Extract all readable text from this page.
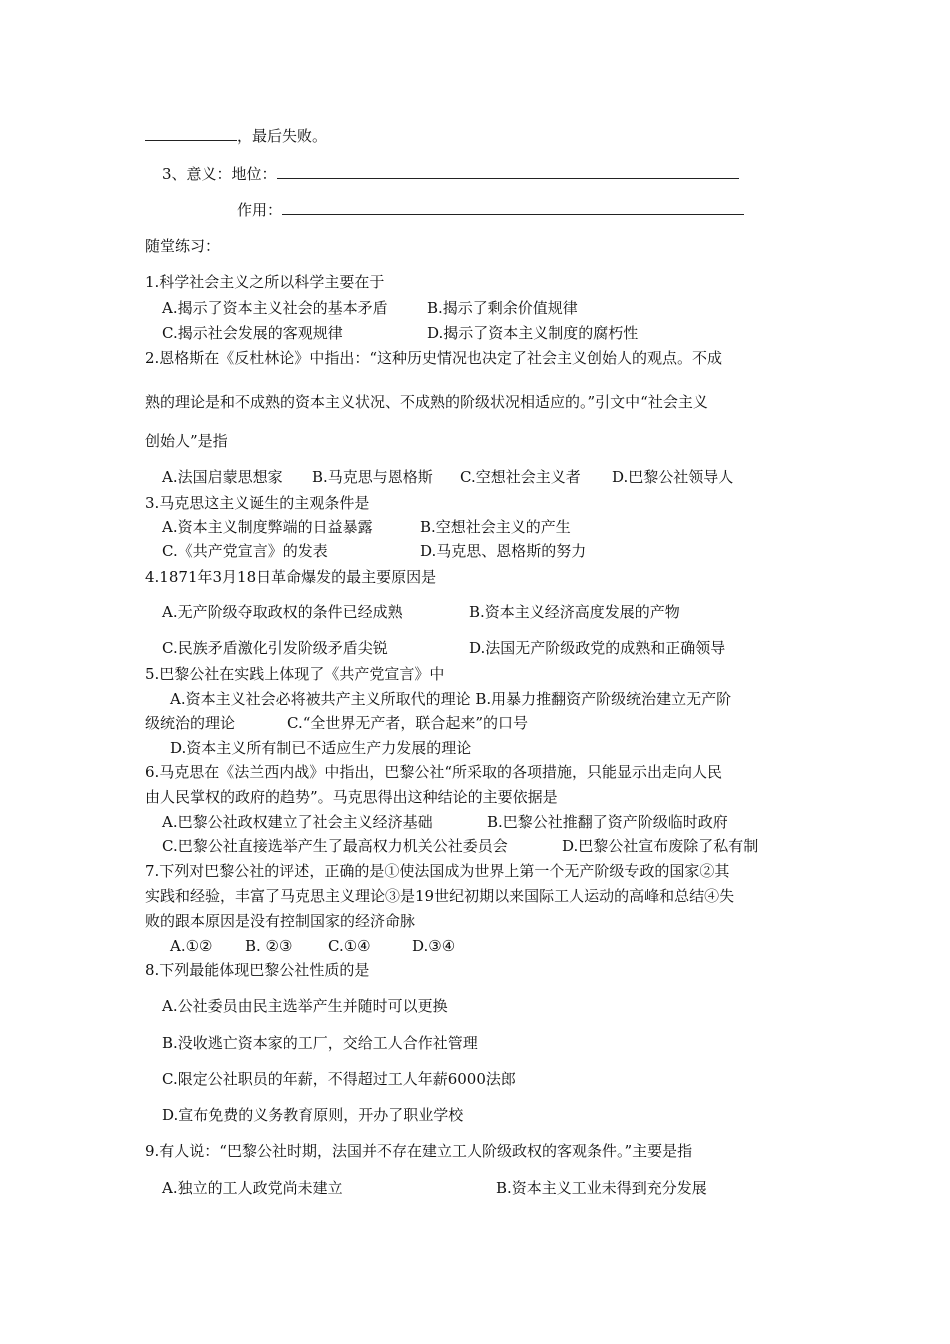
，最后失败。
3、意义：地位：
作用：
随堂练习：
1.科学社会主义之所以科学主要在于
A.揭示了资本主义社会的基本矛盾	B.揭示了剩余价值规律
C.揭示社会发展的客观规律	D.揭示了资本主义制度的腐朽性
2.恩格斯在《反杜林论》中指出：“这种历史情况也决定了社会主义创始人的观点。不成
熟的理论是和不成熟的资本主义状况、不成熟的阶级状况相适应的。”引文中“社会主义
创始人”是指
A.法国启蒙思想家 B.马克思与恩格斯 C.空想社会主义者 D.巴黎公社领导人
3.马克思这主义诞生的主观条件是
A.资本主义制度弊端的日益暴露	B.空想社会主义的产生
C.《共产党宣言》的发表	D.马克思、恩格斯的努力
4.1871年3月18日革命爆发的最主要原因是
A.无产阶级夺取政权的条件已经成熟	B.资本主义经济高度发展的产物
C.民族矛盾激化引发阶级矛盾尖锐	D.法国无产阶级政党的成熟和正确领导
5.巴黎公社在实践上体现了《共产党宣言》中
A.资本主义社会必将被共产主义所取代的理论 B.用暴力推翻资产阶级统治建立无产阶
级统治的理论	C.“全世界无产者，联合起来”的口号
D.资本主义所有制已不适应生产力发展的理论
6.马克思在《法兰西内战》中指出，巴黎公社“所采取的各项措施，只能显示出走向人民
由人民掌权的政府的趋势”。马克思得出这种结论的主要依据是
A.巴黎公社政权建立了社会主义经济基础	B.巴黎公社推翻了资产阶级临时政府
C.巴黎公社直接选举产生了最高权力机关公社委员会	D.巴黎公社宣布废除了私有制
7.下列对巴黎公社的评述，正确的是①使法国成为世界上第一个无产阶级专政的国家②其
实践和经验，丰富了马克思主义理论③是19世纪初期以来国际工人运动的高峰和总结④失
败的跟本原因是没有控制国家的经济命脉
A.①② B. ②③ C.①④	D.③④
8.下列最能体现巴黎公社性质的是
A.公社委员由民主选举产生并随时可以更换
B.没收逃亡资本家的工厂，交给工人合作社管理
C.限定公社职员的年薪，不得超过工人年薪6000法郎
D.宣布免费的义务教育原则，开办了职业学校
9.有人说：“巴黎公社时期，法国并不存在建立工人阶级政权的客观条件。”主要是指
A.独立的工人政党尚未建立	B.资本主义工业未得到充分发展
